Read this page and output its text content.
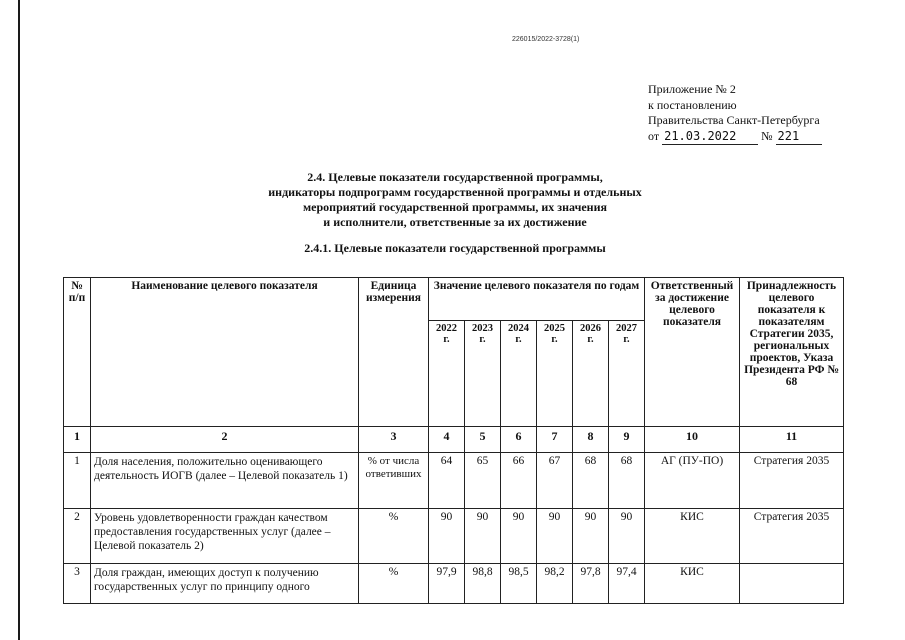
226015/2022-3728(1)
Приложение № 2
к постановлению
Правительства Санкт-Петербурга
от 21.03.2022 № 221
2.4. Целевые показатели государственной программы,
индикаторы подпрограмм государственной программы и отдельных
мероприятий государственной программы, их значения
и исполнители, ответственные за их достижение
2.4.1. Целевые показатели государственной программы
№ п/п	Наименование целевого показателя	Единица измерения	Значение целевого показателя по годам						Ответственный за достижение целевого показателя	Принадлежность целевого показателя к показателям Стратегии 2035, региональных проектов, Указа Президента РФ № 68
			2022 г.	2023 г.	2024 г.	2025 г.	2026 г.	2027 г.		
1	2	3	4	5	6	7	8	9	10	11
1	Доля населения, положительно оценивающего деятельность ИОГВ (далее – Целевой показатель 1)	% от числа ответивших	64	65	66	67	68	68	АГ (ПУ-ПО)	Стратегия 2035
2	Уровень удовлетворенности граждан качеством предоставления государственных услуг (далее – Целевой показатель 2)	%	90	90	90	90	90	90	КИС	Стратегия 2035
3	Доля граждан, имеющих доступ к получению государственных услуг по принципу одного	%	97,9	98,8	98,5	98,2	97,8	97,4	КИС	
